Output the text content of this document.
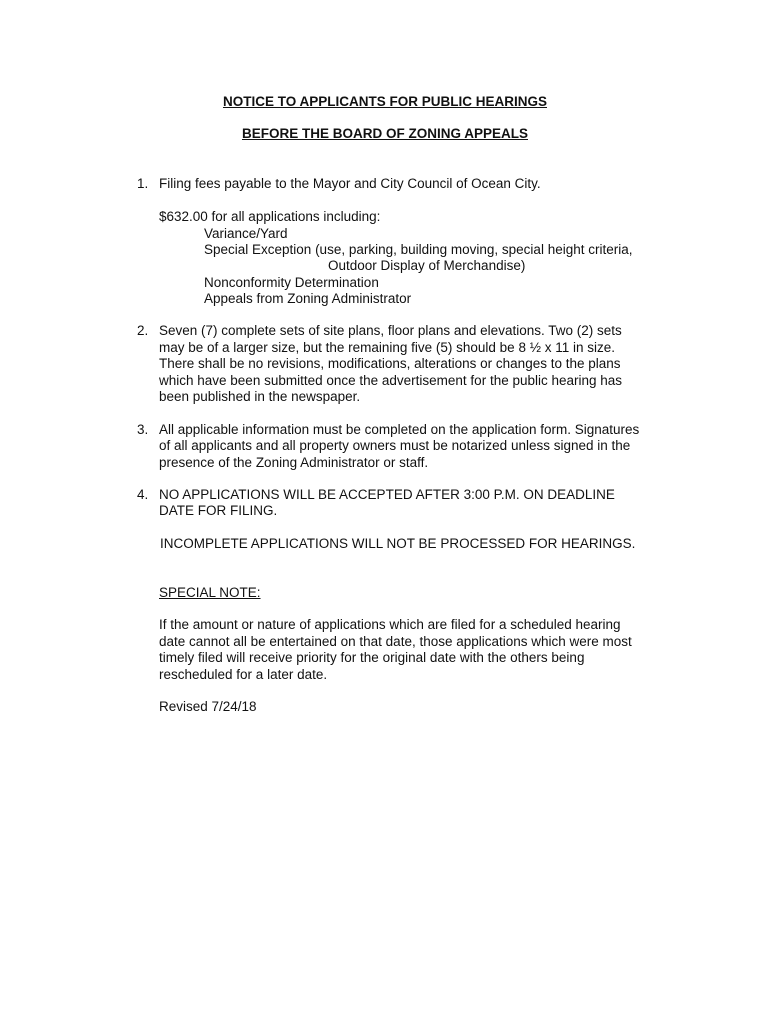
NOTICE TO APPLICANTS FOR PUBLIC HEARINGS
BEFORE THE BOARD OF ZONING APPEALS
1. Filing fees payable to the Mayor and City Council of Ocean City.
$632.00 for all applications including:
Variance/Yard
Special Exception (use, parking, building moving, special height criteria,
Outdoor Display of Merchandise)
Nonconformity Determination
Appeals from Zoning Administrator
2. Seven (7) complete sets of site plans, floor plans and elevations. Two (2) sets
may be of a larger size, but the remaining five (5) should be 8 ½ x 11 in size.
There shall be no revisions, modifications, alterations or changes to the plans
which have been submitted once the advertisement for the public hearing has
been published in the newspaper.
3. All applicable information must be completed on the application form. Signatures
of all applicants and all property owners must be notarized unless signed in the
presence of the Zoning Administrator or staff.
4. NO APPLICATIONS WILL BE ACCEPTED AFTER 3:00 P.M. ON DEADLINE
DATE FOR FILING.
INCOMPLETE APPLICATIONS WILL NOT BE PROCESSED FOR HEARINGS.
SPECIAL NOTE:
If the amount or nature of applications which are filed for a scheduled hearing
date cannot all be entertained on that date, those applications which were most
timely filed will receive priority for the original date with the others being
rescheduled for a later date.
Revised 7/24/18
